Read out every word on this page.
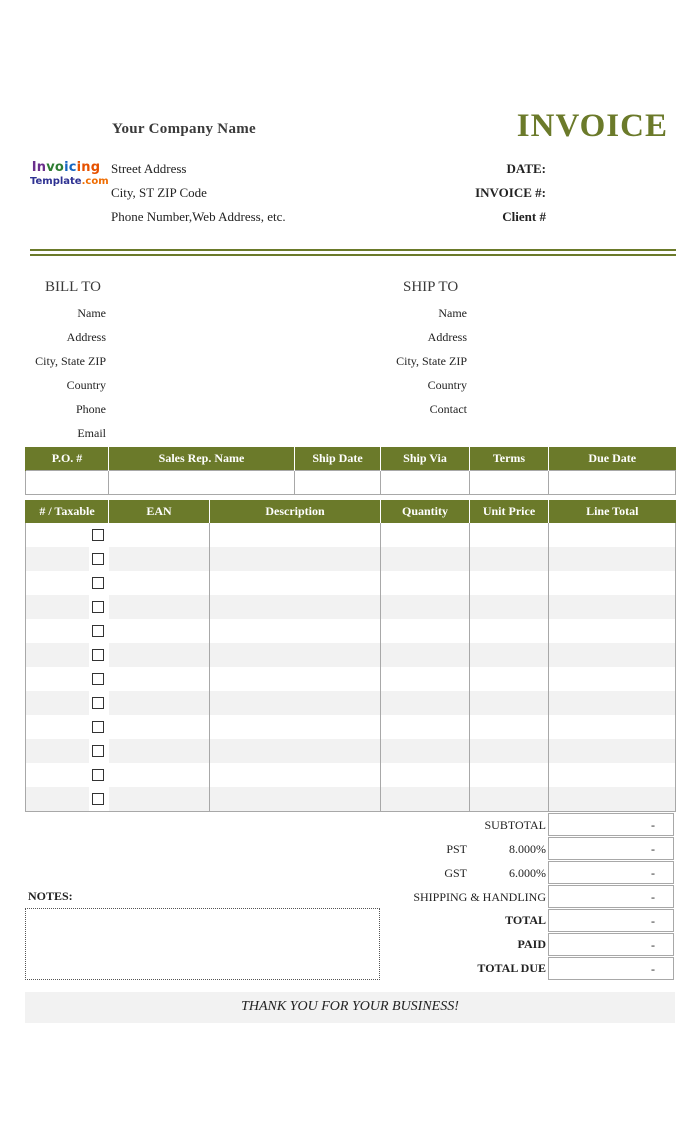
Your Company Name	INVOICE
Invoicing
Template.com
Street Address
City, ST ZIP Code
Phone Number,Web Address, etc.
DATE:
INVOICE #:
Client #
BILL TO
Name
Address
City, State ZIP
Country
Phone
Email
SHIP TO
Name
Address
City, State ZIP
Country
Contact
P.O. #	Sales Rep. Name	Ship Date	Ship Via	Terms	Due Date

# / Taxable	EAN	Description	Quantity	Unit Price	Line Total

SUBTOTAL	-
PST	8.000%	-
GST	6.000%	-
SHIPPING & HANDLING	-
TOTAL	-
PAID	-
TOTAL DUE	-
NOTES:
THANK YOU FOR YOUR BUSINESS!
